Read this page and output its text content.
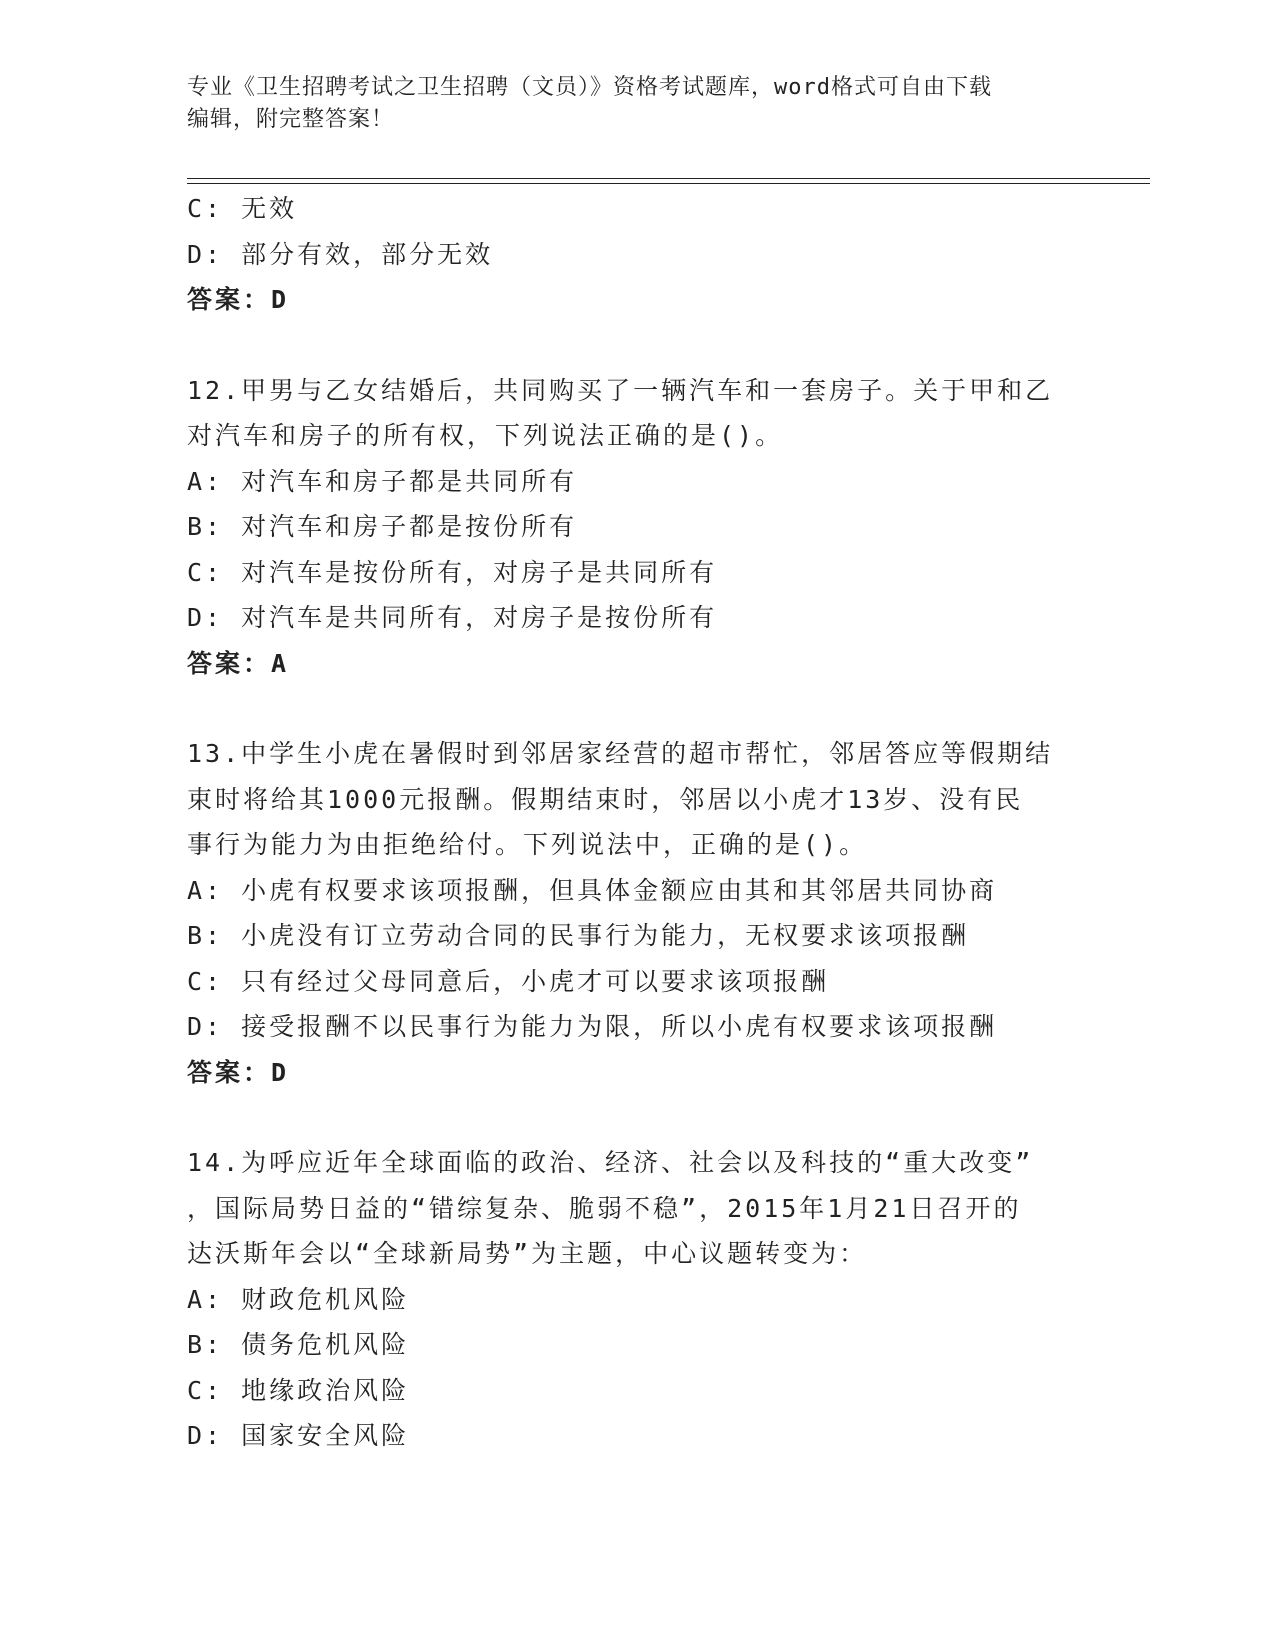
专业《卫生招聘考试之卫生招聘（文员）》资格考试题库，word格式可自由下载
编辑，附完整答案！
C: 无效
D: 部分有效，部分无效
答案：D
12.甲男与乙女结婚后，共同购买了一辆汽车和一套房子。关于甲和乙
对汽车和房子的所有权，下列说法正确的是()。
A: 对汽车和房子都是共同所有
B: 对汽车和房子都是按份所有
C: 对汽车是按份所有，对房子是共同所有
D: 对汽车是共同所有，对房子是按份所有
答案：A
13.中学生小虎在暑假时到邻居家经营的超市帮忙，邻居答应等假期结
束时将给其1000元报酬。假期结束时，邻居以小虎才13岁、没有民
事行为能力为由拒绝给付。下列说法中，正确的是()。
A: 小虎有权要求该项报酬，但具体金额应由其和其邻居共同协商
B: 小虎没有订立劳动合同的民事行为能力，无权要求该项报酬
C: 只有经过父母同意后，小虎才可以要求该项报酬
D: 接受报酬不以民事行为能力为限，所以小虎有权要求该项报酬
答案：D
14.为呼应近年全球面临的政治、经济、社会以及科技的“重大改变”
，国际局势日益的“错综复杂、脆弱不稳”，2015年1月21日召开的
达沃斯年会以“全球新局势”为主题，中心议题转变为：
A: 财政危机风险
B: 债务危机风险
C: 地缘政治风险
D: 国家安全风险
